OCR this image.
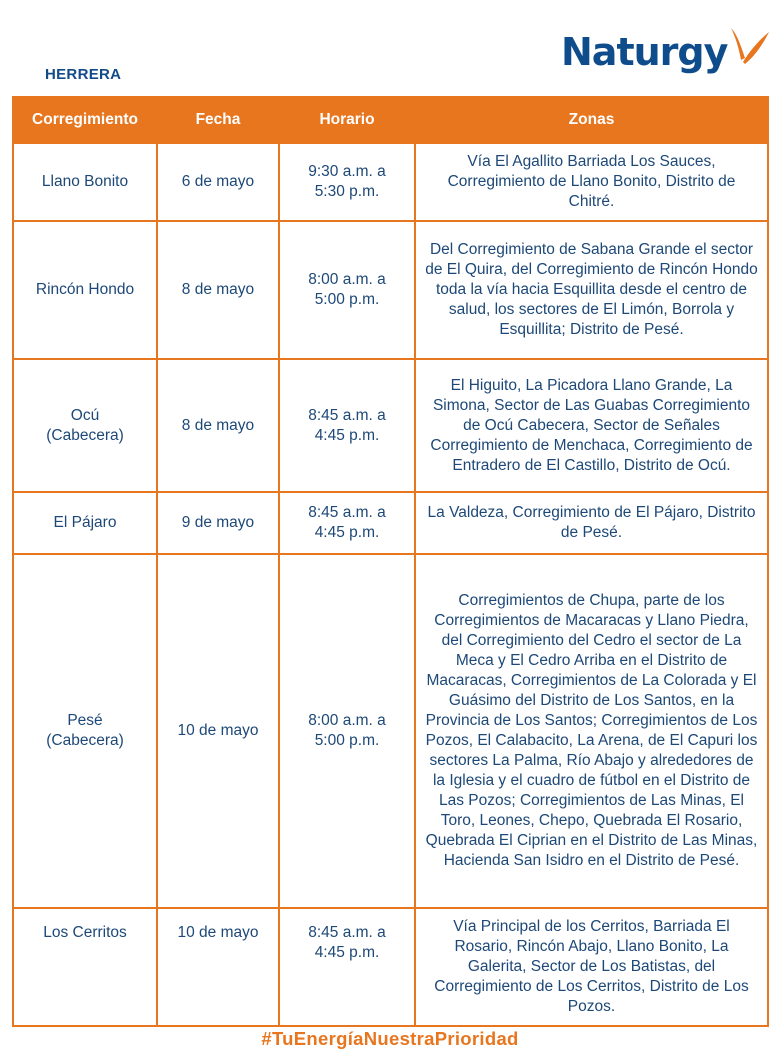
HERRERA
Naturgy
Corregimiento	Fecha	Horario	Zonas
Llano Bonito	6 de mayo	9:30 a.m. a 5:30 p.m.	Vía El Agallito Barriada Los Sauces, Corregimiento de Llano Bonito, Distrito de Chitré.
Rincón Hondo	8 de mayo	8:00 a.m. a 5:00 p.m.	Del Corregimiento de Sabana Grande el sector de El Quira, del Corregimiento de Rincón Hondo toda la vía hacia Esquillita desde el centro de salud, los sectores de El Limón, Borrola y Esquillita; Distrito de Pesé.
Ocú (Cabecera)	8 de mayo	8:45 a.m. a 4:45 p.m.	El Higuito, La Picadora Llano Grande, La Simona, Sector de Las Guabas Corregimiento de Ocú Cabecera, Sector de Señales Corregimiento de Menchaca, Corregimiento de Entradero de El Castillo, Distrito de Ocú.
El Pájaro	9 de mayo	8:45 a.m. a 4:45 p.m.	La Valdeza, Corregimiento de El Pájaro, Distrito de Pesé.
Pesé (Cabecera)	10 de mayo	8:00 a.m. a 5:00 p.m.	Corregimientos de Chupa, parte de los Corregimientos de Macaracas y Llano Piedra, del Corregimiento del Cedro el sector de La Meca y El Cedro Arriba en el Distrito de Macaracas, Corregimientos de La Colorada y El Guásimo del Distrito de Los Santos, en la Provincia de Los Santos; Corregimientos de Los Pozos, El Calabacito, La Arena, de El Capuri los sectores La Palma, Río Abajo y alrededores de la Iglesia y el cuadro de fútbol en el Distrito de Las Pozos; Corregimientos de Las Minas, El Toro, Leones, Chepo, Quebrada El Rosario, Quebrada El Ciprian en el Distrito de Las Minas, Hacienda San Isidro en el Distrito de Pesé.
Los Cerritos	10 de mayo	8:45 a.m. a 4:45 p.m.	Vía Principal de los Cerritos, Barriada El Rosario, Rincón Abajo, Llano Bonito, La Galerita, Sector de Los Batistas, del Corregimiento de Los Cerritos, Distrito de Los Pozos.
#TuEnergíaNuestraPrioridad
